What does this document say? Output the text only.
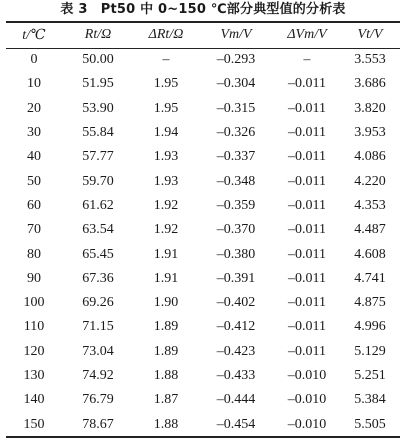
表 3　Pt50 中 0~150 ℃部分典型值的分析表
t/℃	Rt/Ω	ΔRt/Ω	Vm/V	ΔVm/V	Vt/V
0	50.00	–	–0.293	–	3.553
10	51.95	1.95	–0.304	–0.011	3.686
20	53.90	1.95	–0.315	–0.011	3.820
30	55.84	1.94	–0.326	–0.011	3.953
40	57.77	1.93	–0.337	–0.011	4.086
50	59.70	1.93	–0.348	–0.011	4.220
60	61.62	1.92	–0.359	–0.011	4.353
70	63.54	1.92	–0.370	–0.011	4.487
80	65.45	1.91	–0.380	–0.011	4.608
90	67.36	1.91	–0.391	–0.011	4.741
100	69.26	1.90	–0.402	–0.011	4.875
110	71.15	1.89	–0.412	–0.011	4.996
120	73.04	1.89	–0.423	–0.011	5.129
130	74.92	1.88	–0.433	–0.010	5.251
140	76.79	1.87	–0.444	–0.010	5.384
150	78.67	1.88	–0.454	–0.010	5.505
